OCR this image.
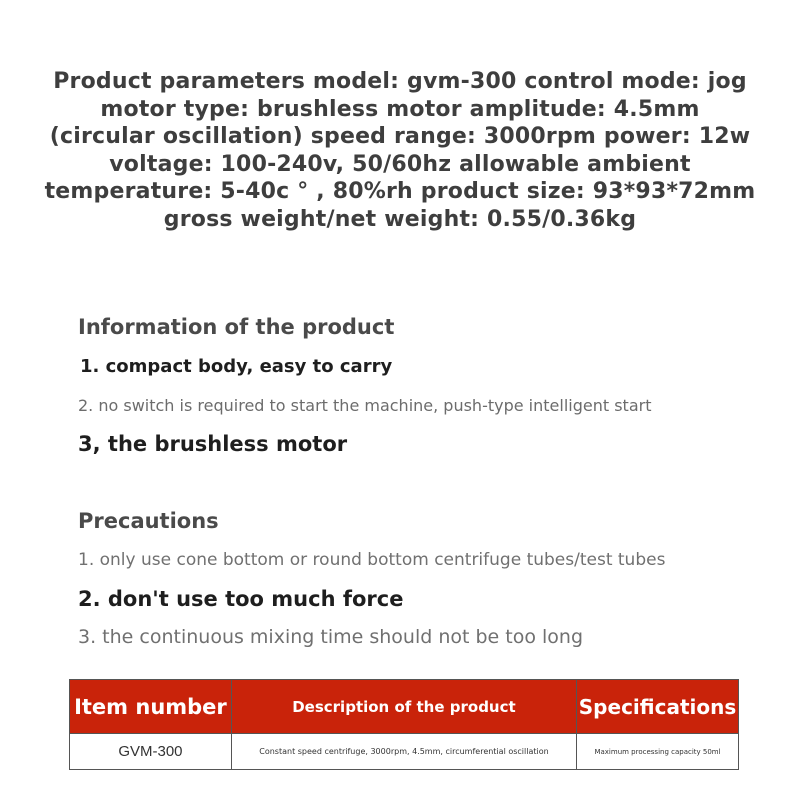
Product parameters model: gvm-300 control mode: jog
motor type: brushless motor amplitude: 4.5mm
(circular oscillation) speed range: 3000rpm power: 12w
voltage: 100-240v, 50/60hz allowable ambient
temperature: 5-40c ° , 80%rh product size: 93*93*72mm
gross weight/net weight: 0.55/0.36kg
Information of the product
1. compact body, easy to carry
2. no switch is required to start the machine, push-type intelligent start
3, the brushless motor
Precautions
1. only use cone bottom or round bottom centrifuge tubes/test tubes
2. don't use too much force
3. the continuous mixing time should not be too long
Item number	Description of the product	Specifications
GVM-300	Constant speed centrifuge, 3000rpm, 4.5mm, circumferential oscillation	Maximum processing capacity 50ml
